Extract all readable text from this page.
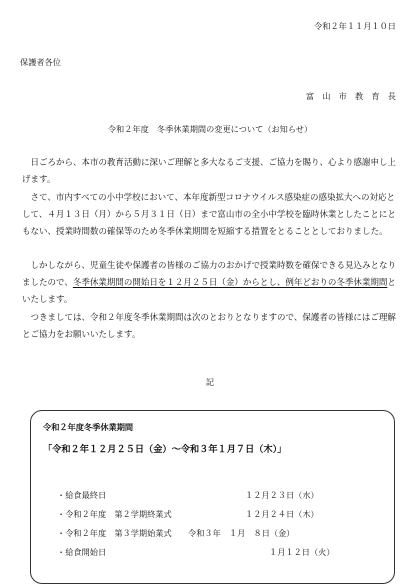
令和２年１１月１０日
保護者各位
富　山　市　教　育　長
令和２年度　冬季休業期間の変更について（お知らせ）
日ごろから、本市の教育活動に深いご理解と多大なるご支援、ご協力を賜り、心より感謝申し上げます。
さて、市内すべての小中学校において、本年度新型コロナウイルス感染症の感染拡大への対応として、４月１３日（月）から５月３１日（日）まで富山市の全小中学校を臨時休業としたことにともない、授業時間数の確保等のため冬季休業期間を短縮する措置をとることとしておりました。
しかしながら、児童生徒や保護者の皆様のご協力のおかげで授業時数を確保できる見込みとなりましたので、冬季休業期間の開始日を１２月２５日（金）からとし、例年どおりの冬季休業期間といたします。
つきましては、令和２年度冬季休業期間は次のとおりとなりますので、保護者の皆様にはご理解とご協力をお願いいたします。
記
令和２年度冬季休業期間
「令和２年１２月２５日（金）～令和３年１月７日（木）」
・給食最終日	１２月２３日（水）
・令和２年度　第２学期終業式	１２月２４日（木）
・令和２年度　第３学期始業式　　令和３年　１月　８日（金）
・給食開始日	１月１２日（火）
